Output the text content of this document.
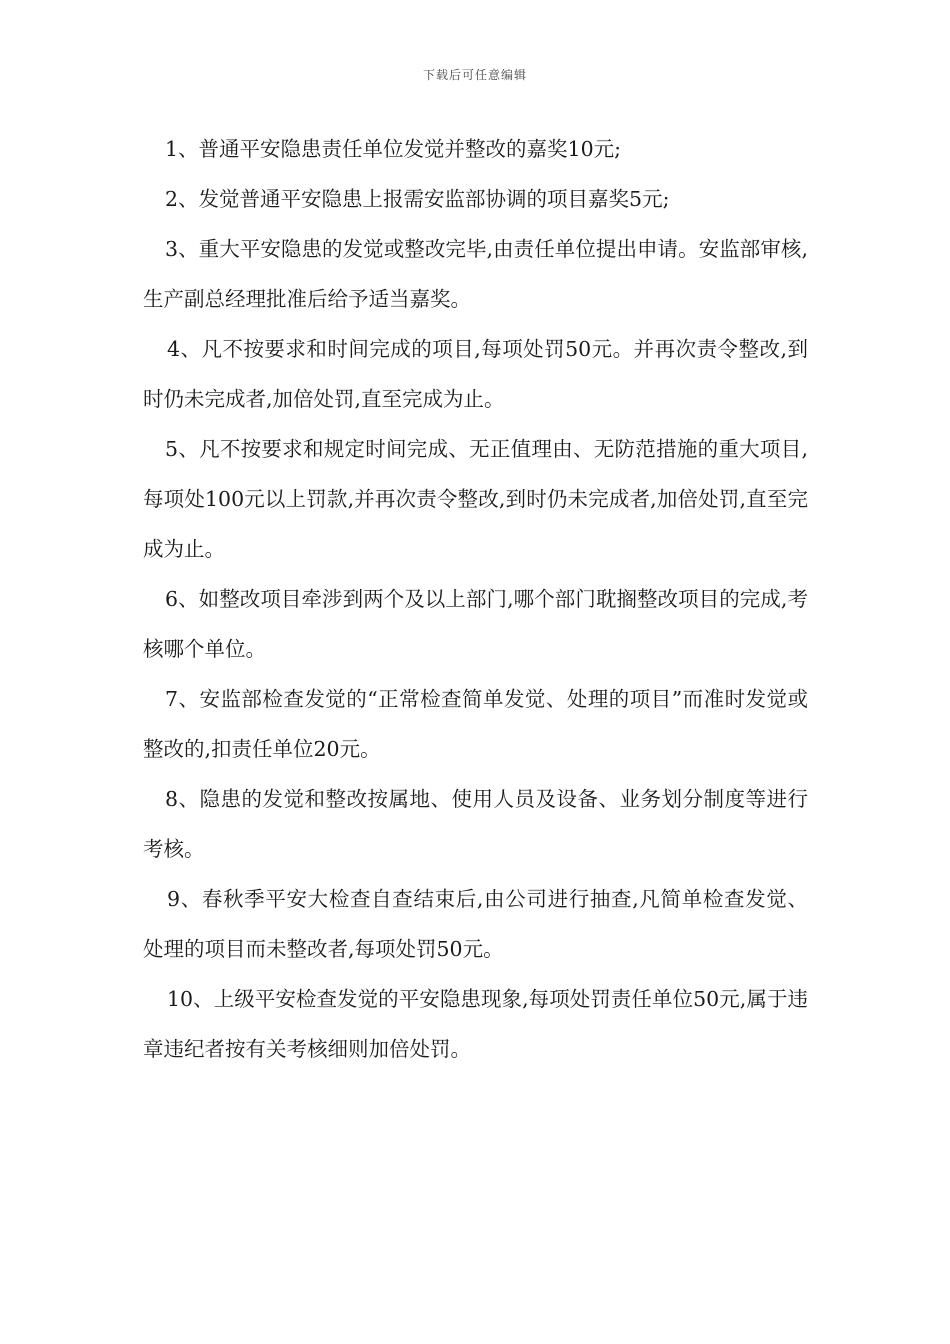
下载后可任意编辑

1、普通平安隐患责任单位发觉并整改的嘉奖10元;

2、发觉普通平安隐患上报需安监部协调的项目嘉奖5元;

3、重大平安隐患的发觉或整改完毕,由责任单位提出申请。安监部审核,生产副总经理批准后给予适当嘉奖。

4、凡不按要求和时间完成的项目,每项处罚50元。并再次责令整改,到时仍未完成者,加倍处罚,直至完成为止。

5、凡不按要求和规定时间完成、无正值理由、无防范措施的重大项目,每项处100元以上罚款,并再次责令整改,到时仍未完成者,加倍处罚,直至完成为止。

6、如整改项目牵涉到两个及以上部门,哪个部门耽搁整改项目的完成,考核哪个单位。

7、安监部检查发觉的“正常检查简单发觉、处理的项目”而准时发觉或整改的,扣责任单位20元。

8、隐患的发觉和整改按属地、使用人员及设备、业务划分制度等进行考核。

9、春秋季平安大检查自查结束后,由公司进行抽查,凡简单检查发觉、处理的项目而未整改者,每项处罚50元。

10、上级平安检查发觉的平安隐患现象,每项处罚责任单位50元,属于违章违纪者按有关考核细则加倍处罚。
